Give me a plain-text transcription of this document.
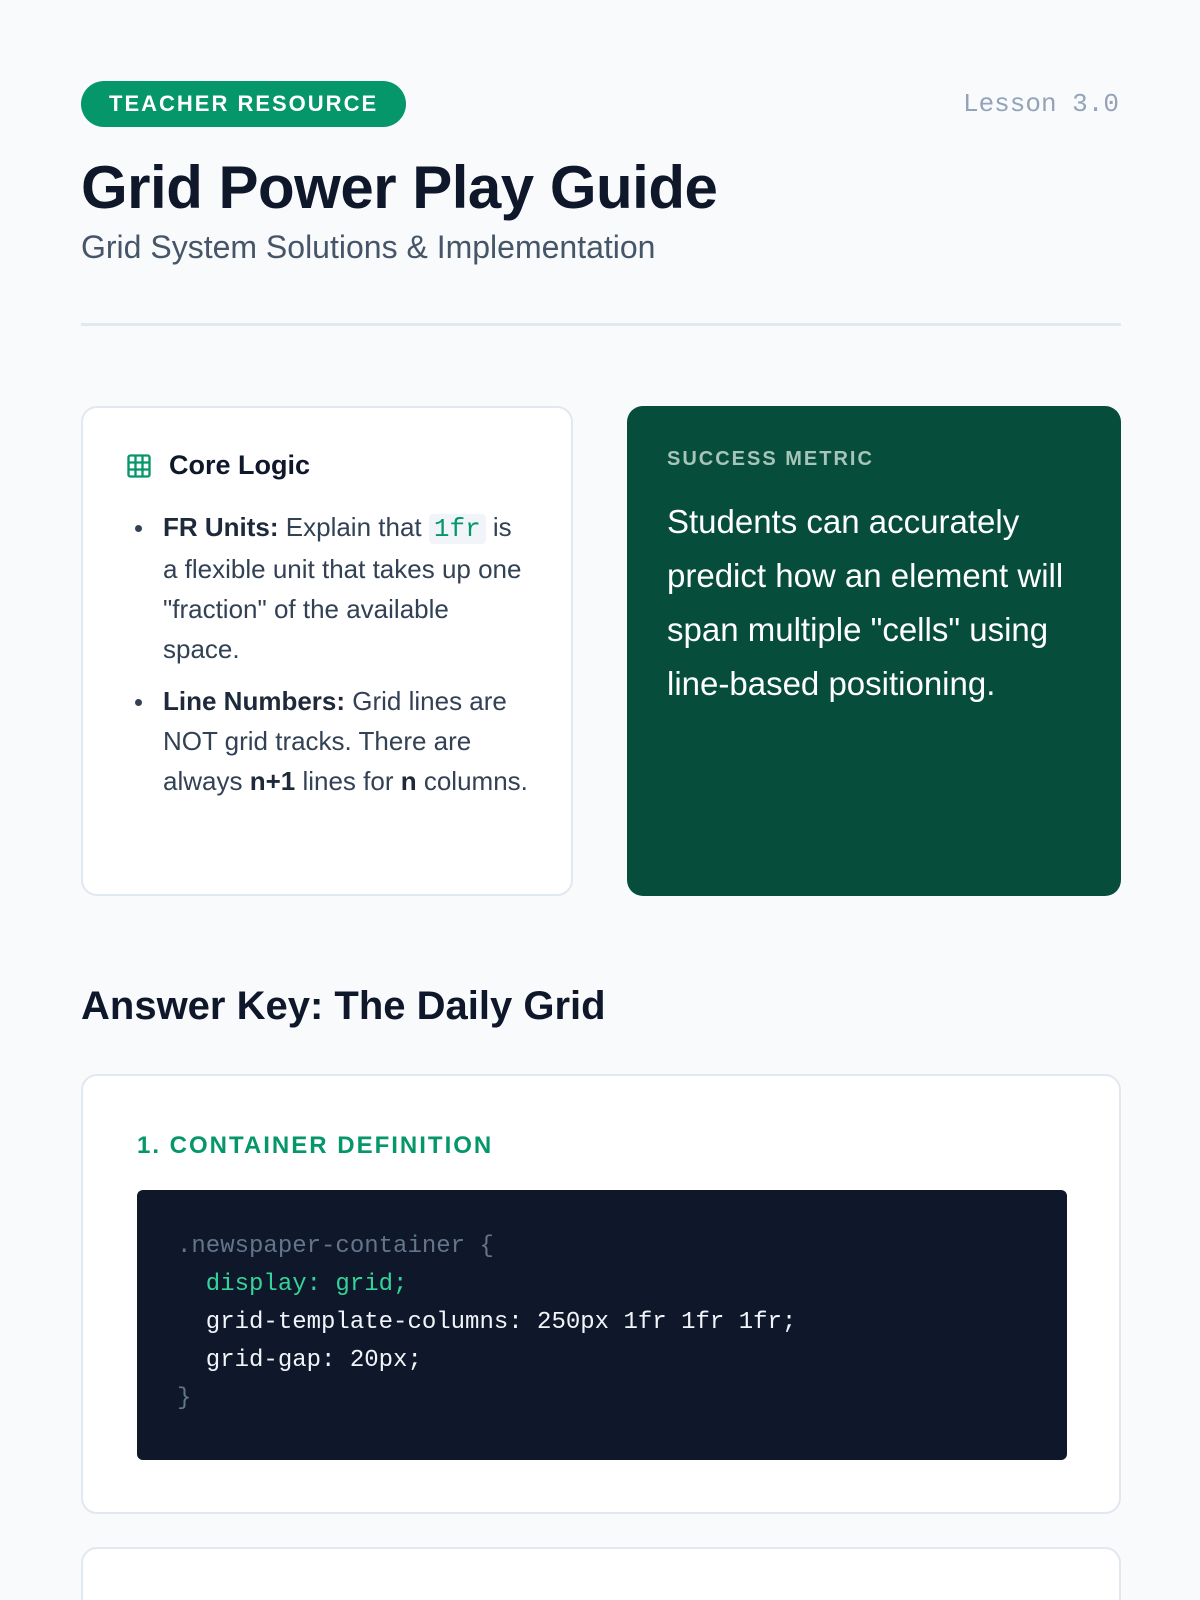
TEACHER RESOURCE	Lesson 3.0
Grid Power Play Guide
Grid System Solutions & Implementation
Core Logic
FR Units: Explain that 1fr is a flexible unit that takes up one "fraction" of the available space.
Line Numbers: Grid lines are NOT grid tracks. There are always n+1 lines for n columns.
SUCCESS METRIC

Students can accurately predict how an element will span multiple "cells" using line-based positioning.

Answer Key: The Daily Grid
1. CONTAINER DEFINITION
.newspaper-container {
display: grid;
grid-template-columns: 250px 1fr 1fr 1fr;
grid-gap: 20px;
}
